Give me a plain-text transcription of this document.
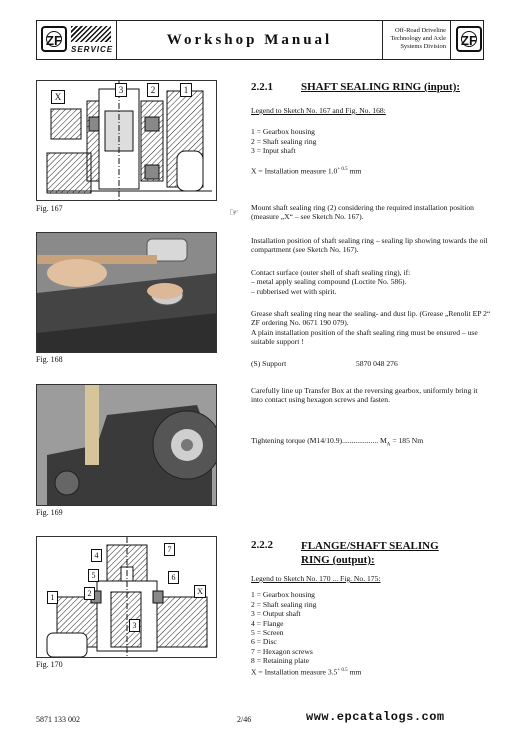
ZF
SERVICE
Workshop Manual
Off-Road Driveline
Technology and Axle
Systems Division	ZF
X
3	2	1
Fig. 167
Fig. 168
Fig. 169
4
7
5	6
2
1
3
X
Fig. 170
2.2.1	SHAFT SEALING RING (input):

Legend to Sketch No. 167 and Fig. No. 168:

1 = Gearbox housing

2 = Shaft sealing ring

3 = Input shaft

X = Installation measure $1.0^{+ 0.5}$ mm

☞ Mount shaft sealing ring (2) considering the required installation position (measure „X“ – see Sketch No. 167).
Installation position of shaft sealing ring – sealing lip showing towards the oil compartment (see Sketch No. 167).

Contact surface (outer shell of shaft sealing ring), if:

– metal apply sealing compound (Loctite No. 586).

– rubberised wet with spirit.

Grease shaft sealing ring near the sealing- and dust lip. (Grease „Renolit EP 2“ ZF ordering No. 0671 190 079).

A plain installation position of the shaft sealing ring must be ensured – use suitable support !

(S) Support	5870 048 276
Carefully line up Transfer Box at the reversing gearbox, uniformly bring it into contact using hexagon screws and fasten.
Tightening torque (M14/10.9)................... $M_A = 185$ Nm
2.2.2	FLANGE/SHAFT SEALING
RING (output):

Legend to Sketch No. 170 ... Fig. No. 175:

1 = Gearbox housing

2 = Shaft sealing ring

3 = Output shaft

4 = Flange

5 = Screen

6 = Disc

7 = Hexagon screws

8 = Retaining plate

X = Installation measure $3.5^{+ 0.5}$ mm

5871 133 002	2/46	www.epcatalogs.com
